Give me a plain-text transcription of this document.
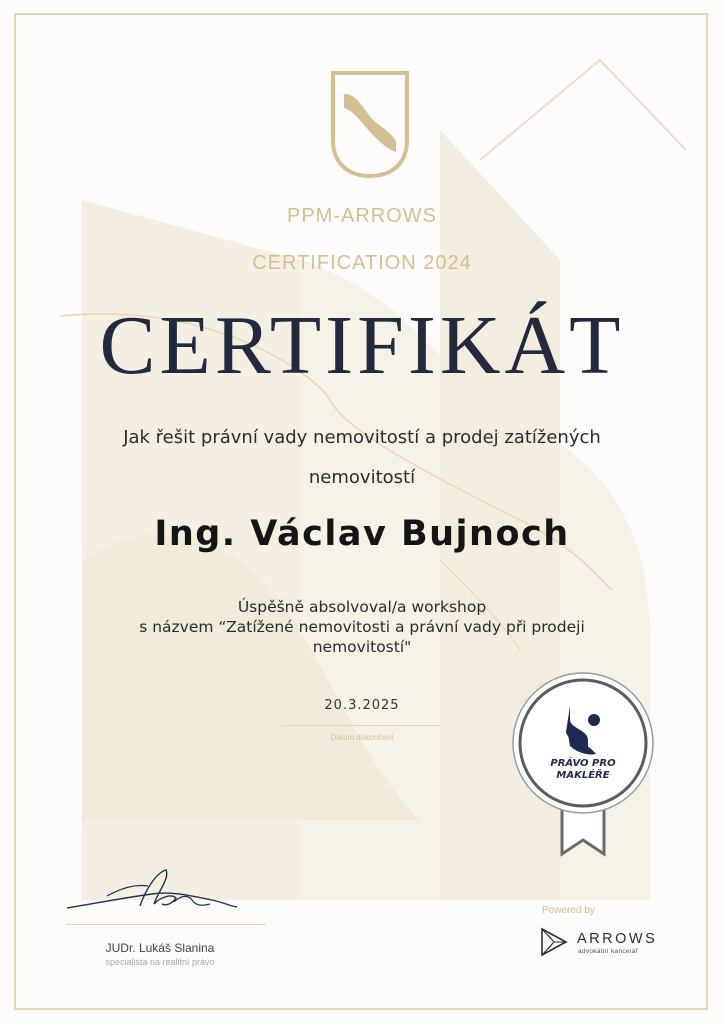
PPM-ARROWS
CERTIFICATION 2024
CERTIFIKÁT
Jak řešit právní vady nemovitostí a prodej zatížených
nemovitostí
Ing. Václav Bujnoch
Úspěšně absolvoval/a workshop
s názvem “Zatížené nemovitosti a právní vady při prodeji
nemovitostí"
20.3.2025
Datum dokončení
PRÁVO PRO
MAKLÉŘE
JUDr. Lukáš Slanina
specialista na realitní právo
Powered by
ARROWS
advokátní kancelář
